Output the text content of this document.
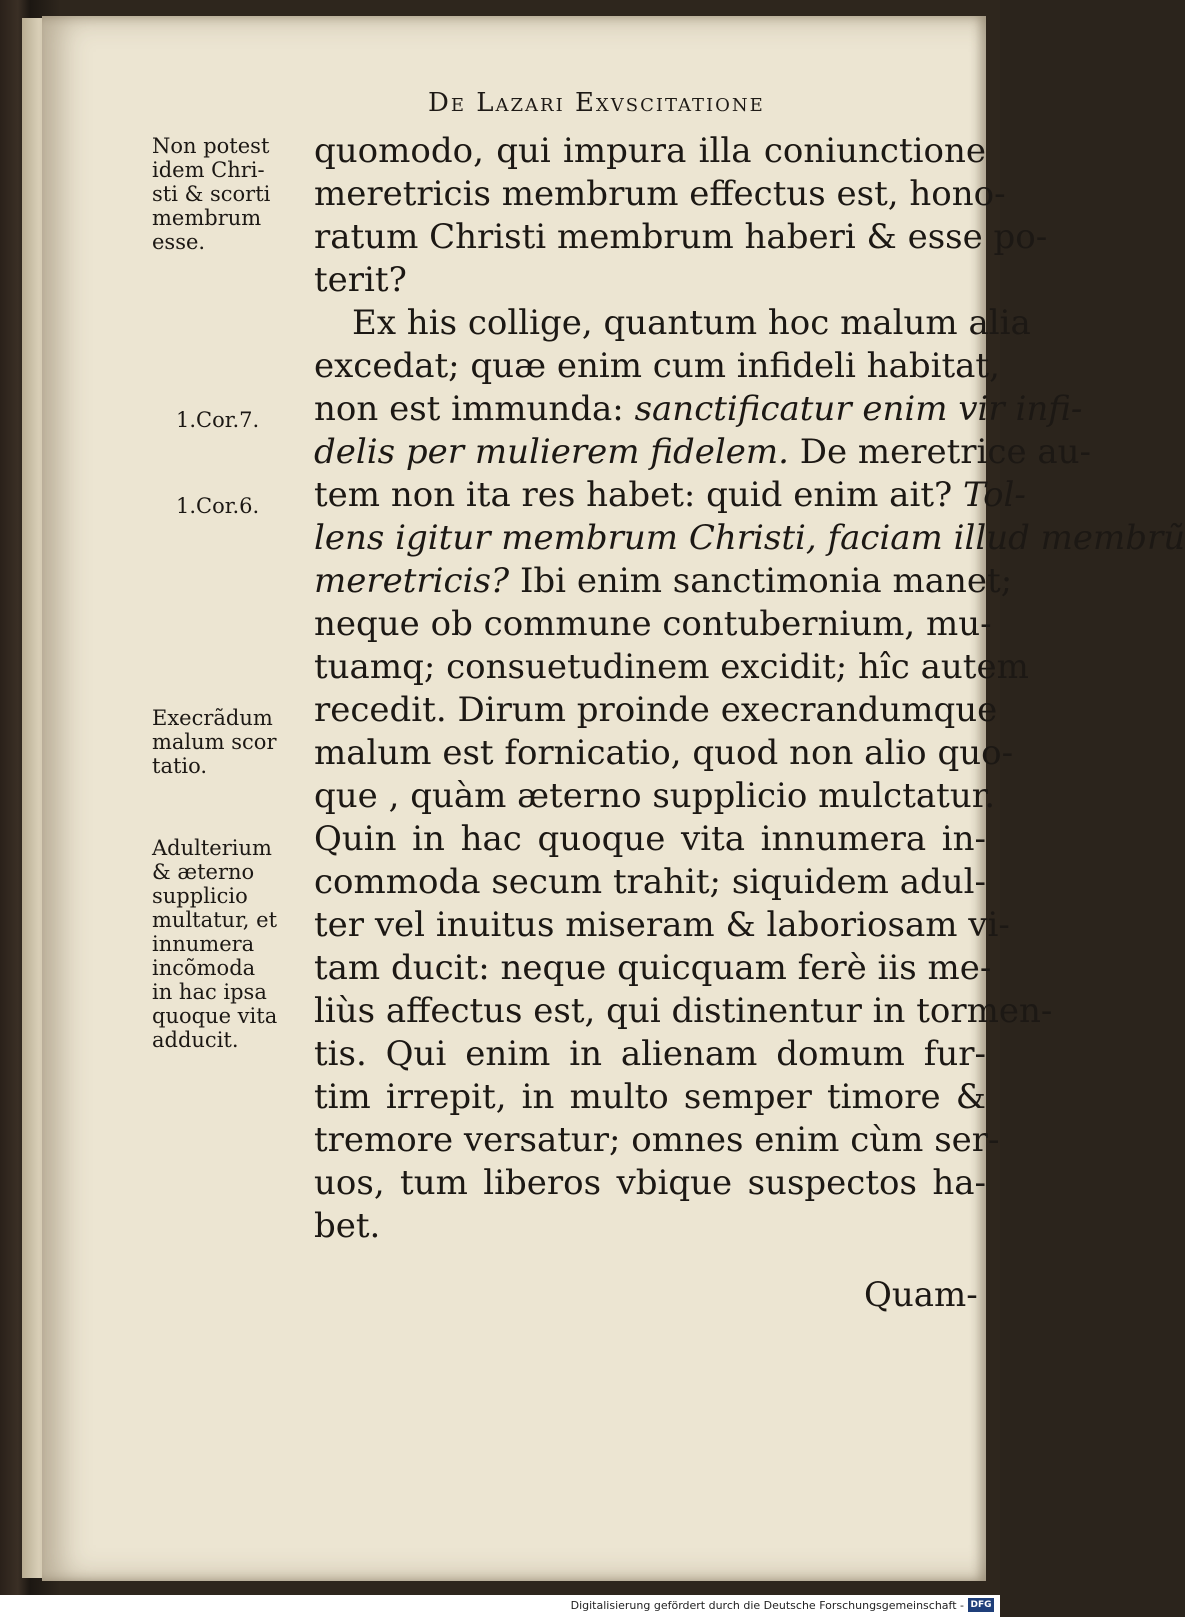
De Lazari Exvscitatione
quomodo, qui impura illa coniunctione
meretricis membrum effectus est, hono-
ratum Christi membrum haberi & esse po-
terit?
Ex his collige, quantum hoc malum alia
excedat; quæ enim cum infideli habitat,
non est immunda: sanctificatur enim vir infi-
delis per mulierem fidelem. De meretrice au-
tem non ita res habet: quid enim ait? Tol-
lens igitur membrum Christi, faciam illud membrũ
meretricis? Ibi enim sanctimonia manet;
neque ob commune contubernium, mu-
tuamq; consuetudinem excidit; hîc autem
recedit. Dirum proinde execrandumque
malum est fornicatio, quod non alio quo-
que , quàm æterno supplicio mulctatur.
Quin in hac quoque vita innumera in-
commoda secum trahit; siquidem adul-
ter vel inuitus miseram & laboriosam vi-
tam ducit: neque quicquam ferè iis me-
liùs affectus est, qui distinentur in tormen-
tis. Qui enim in alienam domum fur-
tim irrepit, in multo semper timore &
tremore versatur; omnes enim cùm ser-
uos, tum liberos vbique suspectos ha-
bet.
Quam-
Non potest
idem Chri-
sti & scorti
membrum
esse.
1.Cor.7.
1.Cor.6.
Execrãdum
malum scor
tatio.
Adulterium
& æterno
supplicio
multatur, et
innumera
incõmoda
in hac ipsa
quoque vita
adducit.
Digitalisierung gefördert durch die Deutsche Forschungsgemeinschaft - DFG
